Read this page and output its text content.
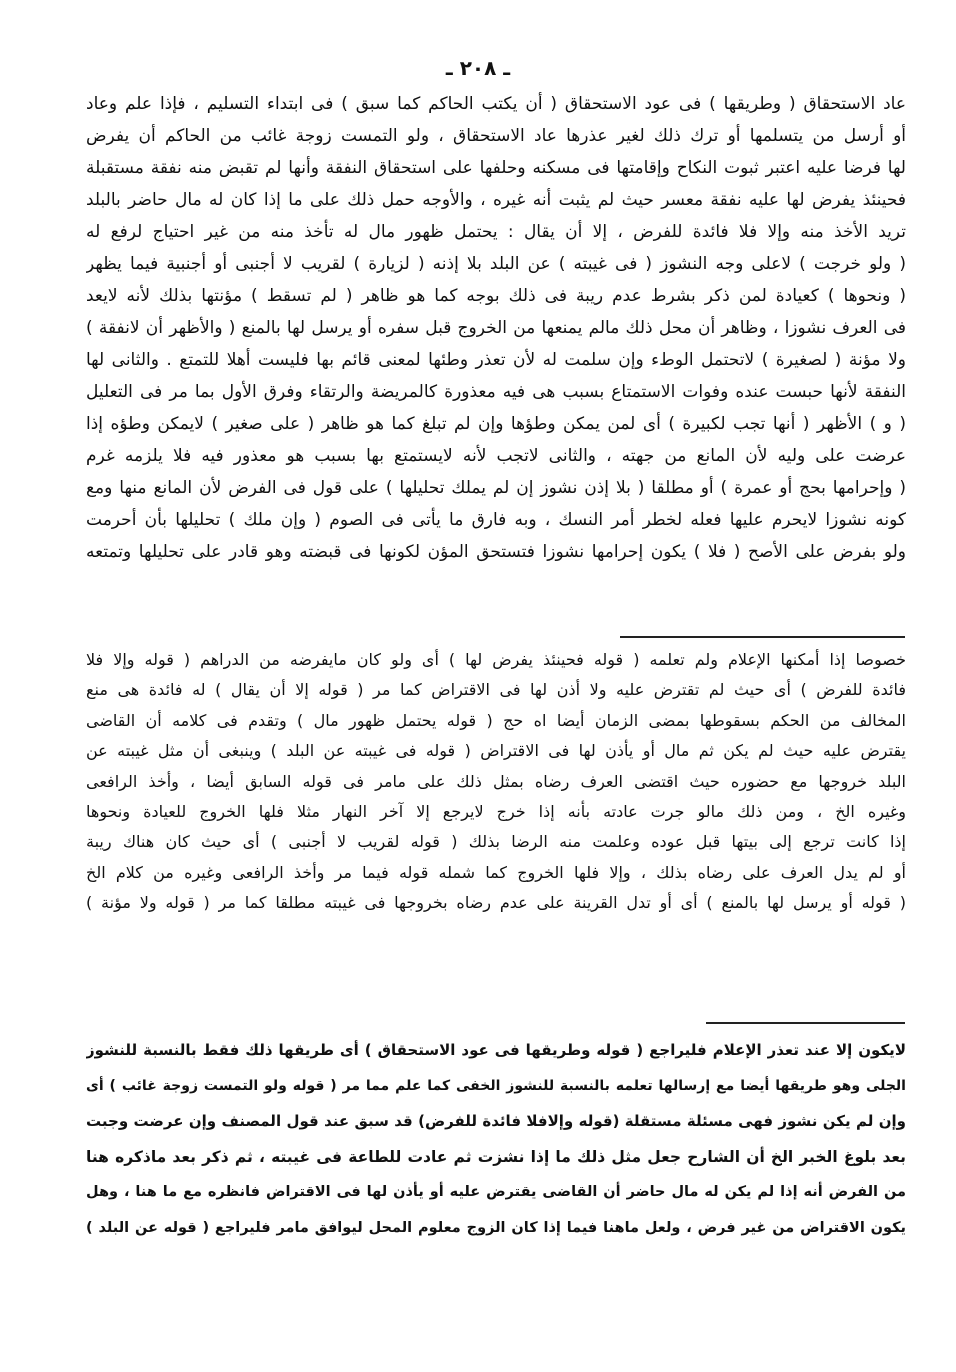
ـ ٢٠٨ ـ
عاد الاستحقاق ( وطريقها ) فى عود الاستحقاق ( أن يكتب الحاكم كما سبق ) فى ابتداء التسليم ، فإذا علم وعاد
أو أرسل من يتسلمها أو ترك ذلك لغير عذرها عاد الاستحقاق ، ولو التمست زوجة غائب من الحاكم أن يفرض
لها فرضا عليه اعتبر ثبوت النكاح وإقامتها فى مسكنه وحلفها على استحقاق النفقة وأنها لم تقبض منه نفقة مستقبلة
فحينئذ يفرض لها عليه نفقة معسر حيث لم يثبت أنه غيره ، والأوجه حمل ذلك على ما إذا كان له مال حاضر بالبلد
تريد الأخذ منه وإلا فلا فائدة للفرض ، إلا أن يقال : يحتمل ظهور مال له تأخذ منه من غير احتياج لرفع له
( ولو خرجت ) لاعلى وجه النشوز ( فى غيبته ) عن البلد بلا إذنه ( لزيارة ) لقريب لا أجنبى أو أجنبية فيما يظهر
( ونحوها ) كعيادة لمن ذكر بشرط عدم ريبة فى ذلك بوجه كما هو ظاهر ( لم تسقط ) مؤنتها بذلك لأنه لايعد
فى العرف نشوزا ، وظاهر أن محل ذلك مالم يمنعها من الخروج قبل سفره أو يرسل لها بالمنع ( والأظهر أن لانفقة )
ولا مؤنة ( لصغيرة ) لاتحتمل الوطء وإن سلمت له لأن تعذر وطئها لمعنى قائم بها فليست أهلا للتمتع . والثانى لها
النفقة لأنها حبست عنده وفوات الاستمتاع بسبب هى فيه معذورة كالمريضة والرتقاء وفرق الأول بما مر فى التعليل
( و ) الأظهر ( أنها تجب لكبيرة ) أى لمن يمكن وطؤها وإن لم تبلغ كما هو ظاهر ( على صغير ) لايمكن وطؤه إذا
عرضت على وليه لأن المانع من جهته ، والثانى لاتجب لأنه لايستمتع بها بسبب هو معذور فيه فلا يلزمه غرم
( وإحرامها بحج أو عمرة ) أو مطلقا ( بلا إذن نشوز إن لم يملك تحليلها ) على قول فى الفرض لأن المانع منها ومع
كونه نشوزا لايحرم عليها فعله لخطر أمر النسك ، وبه فارق ما يأتى فى الصوم ( وإن ملك ) تحليلها بأن أحرمت
ولو بفرض على الأصح ( فلا ) يكون إحرامها نشوزا فتستحق المؤن لكونها فى قبضته وهو قادر على تحليلها وتمتعه
خصوصا إذا أمكنها الإعلام ولم تعلمه ( قوله فحينئذ يفرض لها ) أى ولو كان مايفرضه من الدراهم ( قوله وإلا فلا
فائدة للفرض ) أى حيث لم تقترض عليه ولا أذن لها فى الاقتراض كما مر ( قوله إلا أن يقال ) له فائدة هى منع
المخالف من الحكم بسقوطها بمضى الزمان أيضا اه حج ( قوله يحتمل ظهور مال ) وتقدم فى كلامه أن القاضى
يقترض عليه حيث لم يكن ثم مال أو يأذن لها فى الاقتراض ( قوله فى غيبته عن البلد ) وينبغى أن مثل غيبته عن
البلد خروجها مع حضوره حيث اقتضى العرف رضاه بمثل ذلك على مامر فى قوله السابق أيضا ، وأخذ الرافعى
وغيره الخ ، ومن ذلك مالو جرت عادته بأنه إذا خرج لايرجع إلا آخر النهار مثلا فلها الخروج للعيادة ونحوها
إذا كانت ترجع إلى بيتها قبل عوده وعلمت منه الرضا بذلك ( قوله لقريب لا أجنبى ) أى حيث كان هناك ريبة
أو لم يدل العرف على رضاه بذلك ، وإلا فلها الخروج كما شمله قوله فيما مر وأخذ الرافعى وغيره من كلام الخ
( قوله أو يرسل لها بالمنع ) أى أو تدل القرينة على عدم رضاه بخروجها فى غيبته مطلقا كما مر ( قوله ولا مؤنة )
لايكون إلا عند تعذر الإعلام فليراجع ( قوله وطريقها فى عود الاستحقاق ) أى طريقها ذلك فقط بالنسبة للنشوز
الجلى وهو طريقها أيضا مع إرسالها تعلمه بالنسبة للنشوز الخفى كما علم مما مر ( قوله ولو التمست زوجة غائب ) أى
وإن لم يكن نشوز فهى مسئلة مستقلة (قوله وإلافلا فائدة للفرض) قد سبق عند قول المصنف وإن عرضت وجبت
بعد بلوغ الخبر الخ أن الشارح جعل مثل ذلك ما إذا نشزت ثم عادت للطاعة فى غيبته ، ثم ذكر بعد ماذكره هنا
من الفرض أنه إذا لم يكن له مال حاضر أن القاضى يقترض عليه أو يأذن لها فى الاقتراض فانظره مع ما هنا ، وهل
يكون الاقتراض من غير فرض ، ولعل ماهنا فيما إذا كان الزوج معلوم المحل ليوافق مامر فليراجع ( قوله عن البلد )
